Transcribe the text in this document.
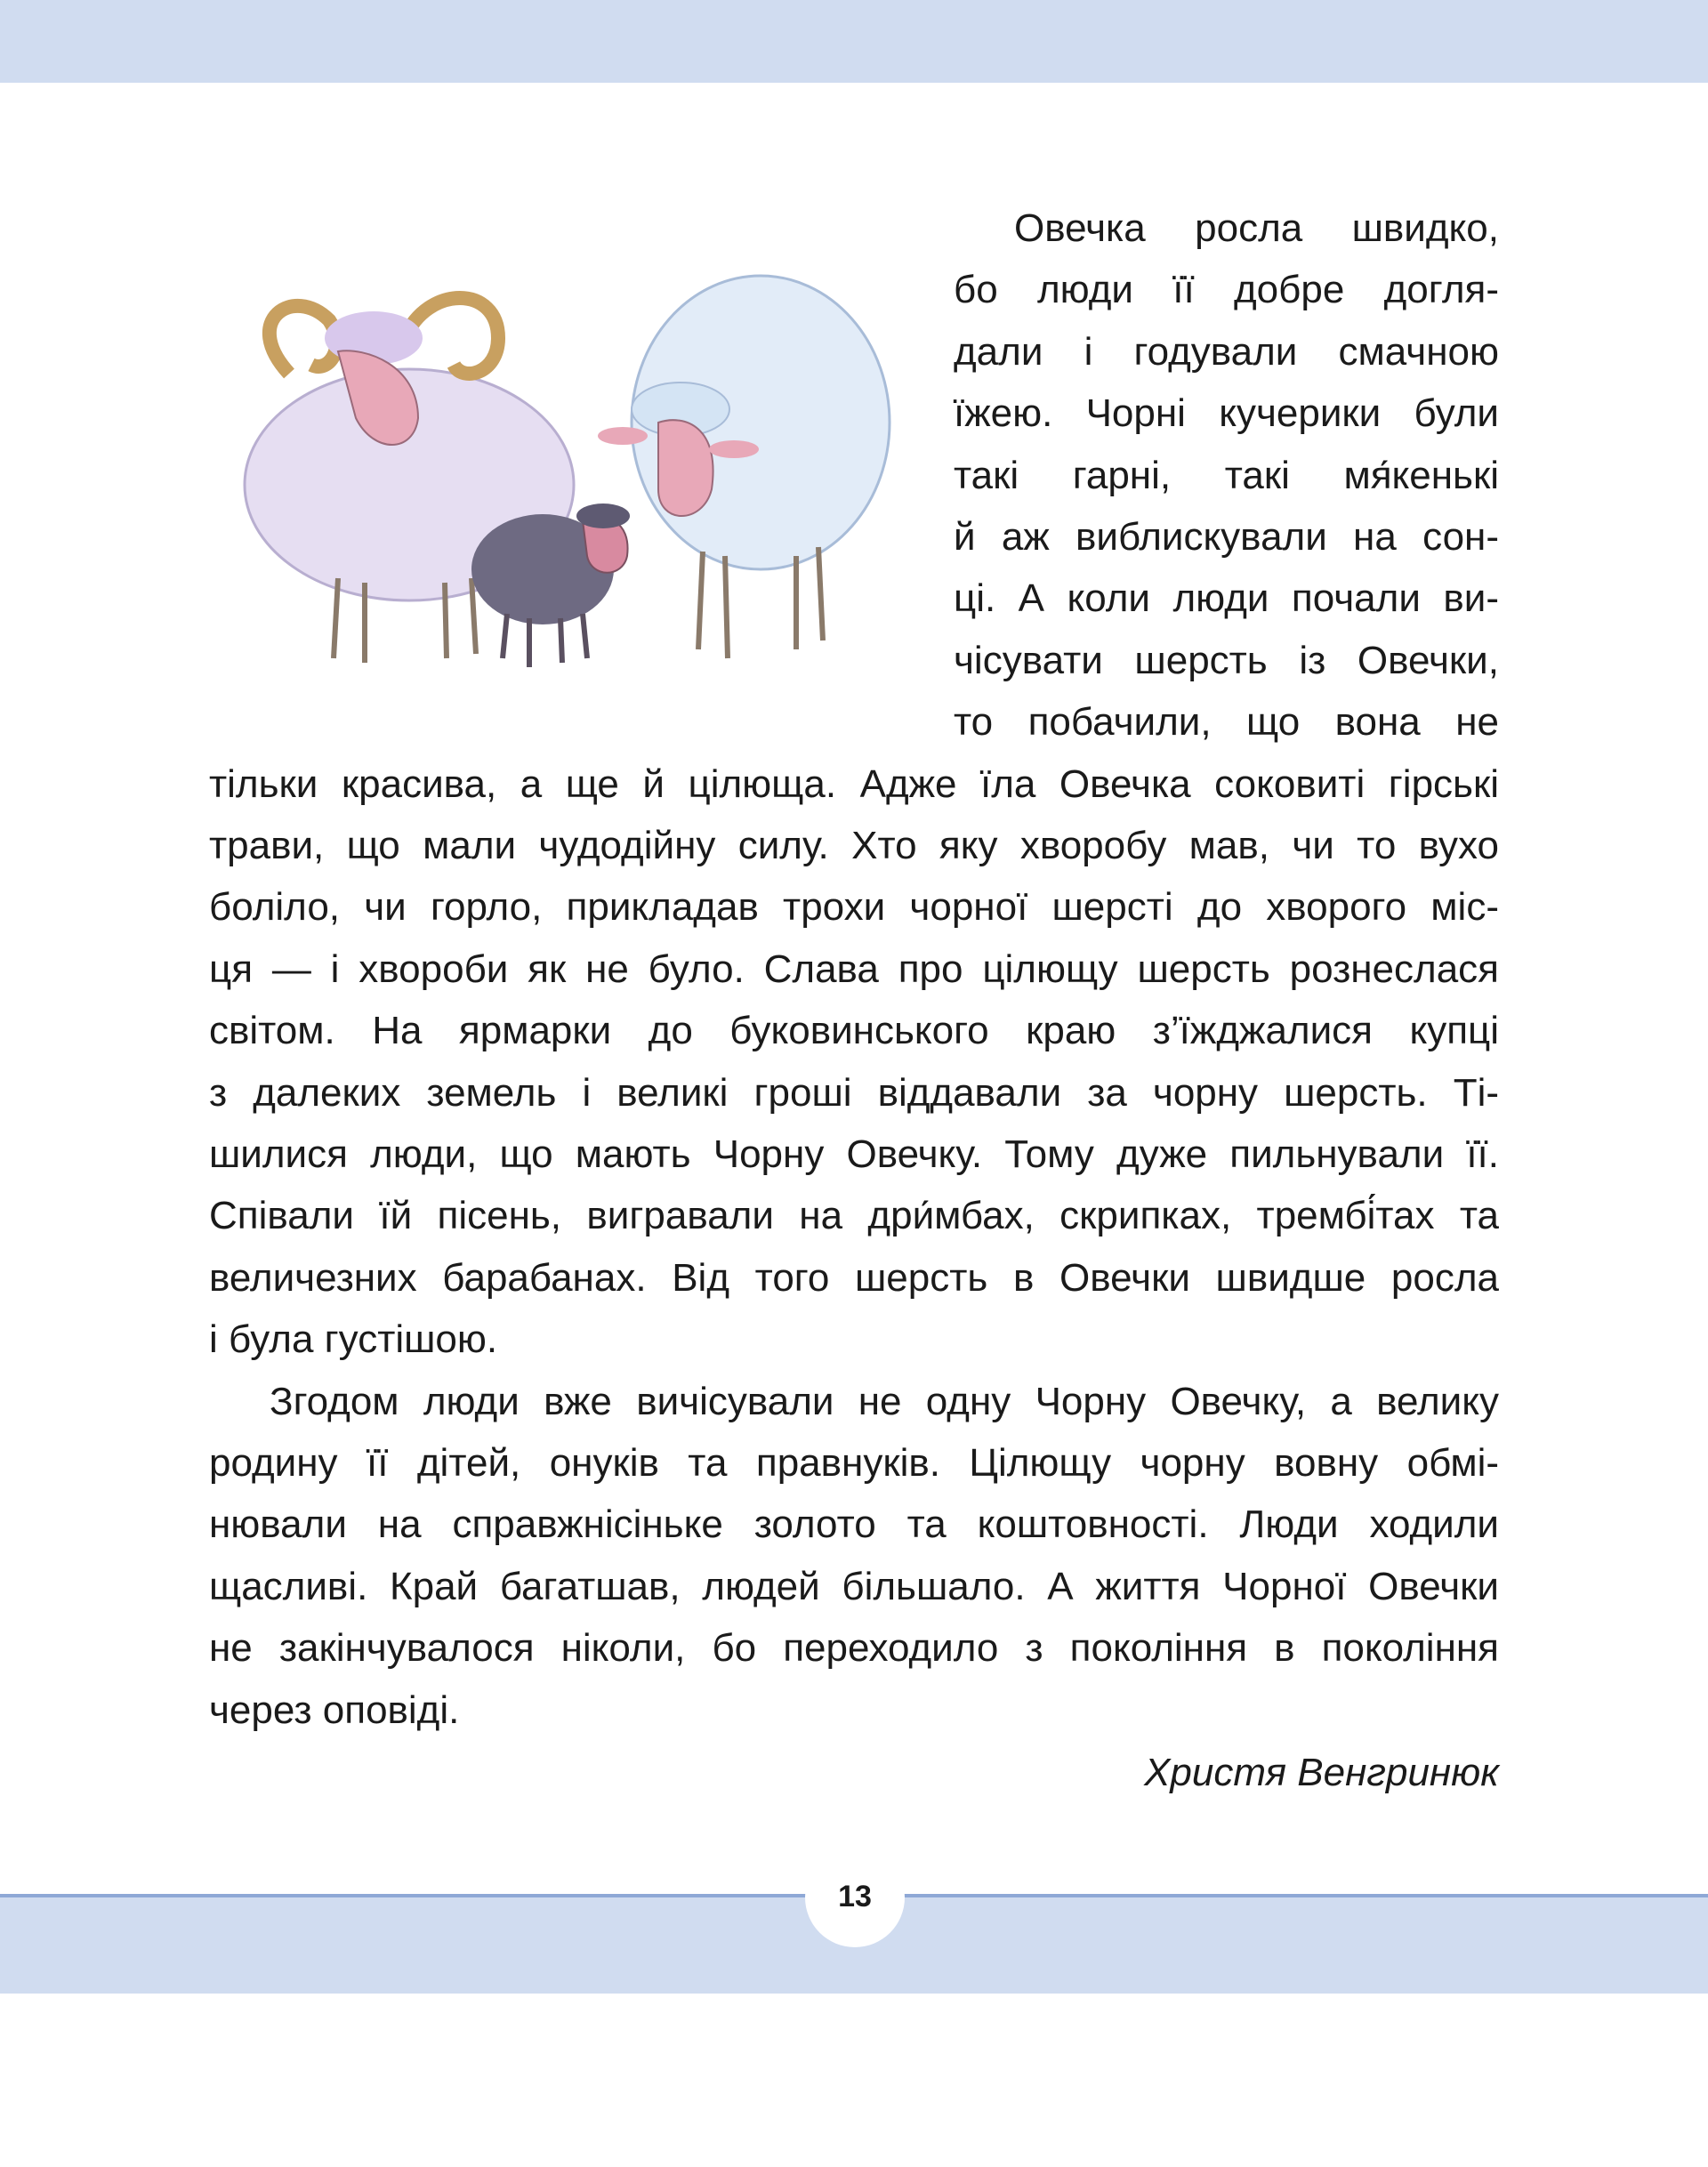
Овечка росла швидко,
бо люди її добре догля-
дали і годували смачною
їжею. Чорні кучерики були
такі гарні, такі мя́кенькі
й аж виблискували на сон-
ці. А коли люди почали ви-
чісувати шерсть із Овечки,
то побачили, що вона не
тільки красива, а ще й цілюща. Адже їла Овечка соковиті гірські
трави, що мали чудодійну силу. Хто яку хворобу мав, чи то вухо
боліло, чи горло, прикладав трохи чорної шерсті до хворого міс-
ця — і хвороби як не було. Слава про цілющу шерсть рознеслася
світом. На ярмарки до буковинського краю з’їжджалися купці
з далеких земель і великі гроші віддавали за чорну шерсть. Ті-
шилися люди, що мають Чорну Овечку. Тому дуже пильнували її.
Співали їй пісень, вигравали на дри́мбах, скрипках, трембі́тах та
величезних барабанах. Від того шерсть в Овечки швидше росла
і була густішою.
Згодом люди вже вичісували не одну Чорну Овечку, а велику
родину її дітей, онуків та правнуків. Цілющу чорну вовну обмі-
нювали на справжнісіньке золото та коштовності. Люди ходили
щасливі. Край багатшав, людей більшало. А життя Чорної Овечки
не закінчувалося ніколи, бо переходило з покоління в покоління
через оповіді.
Христя Венгринюк
13
